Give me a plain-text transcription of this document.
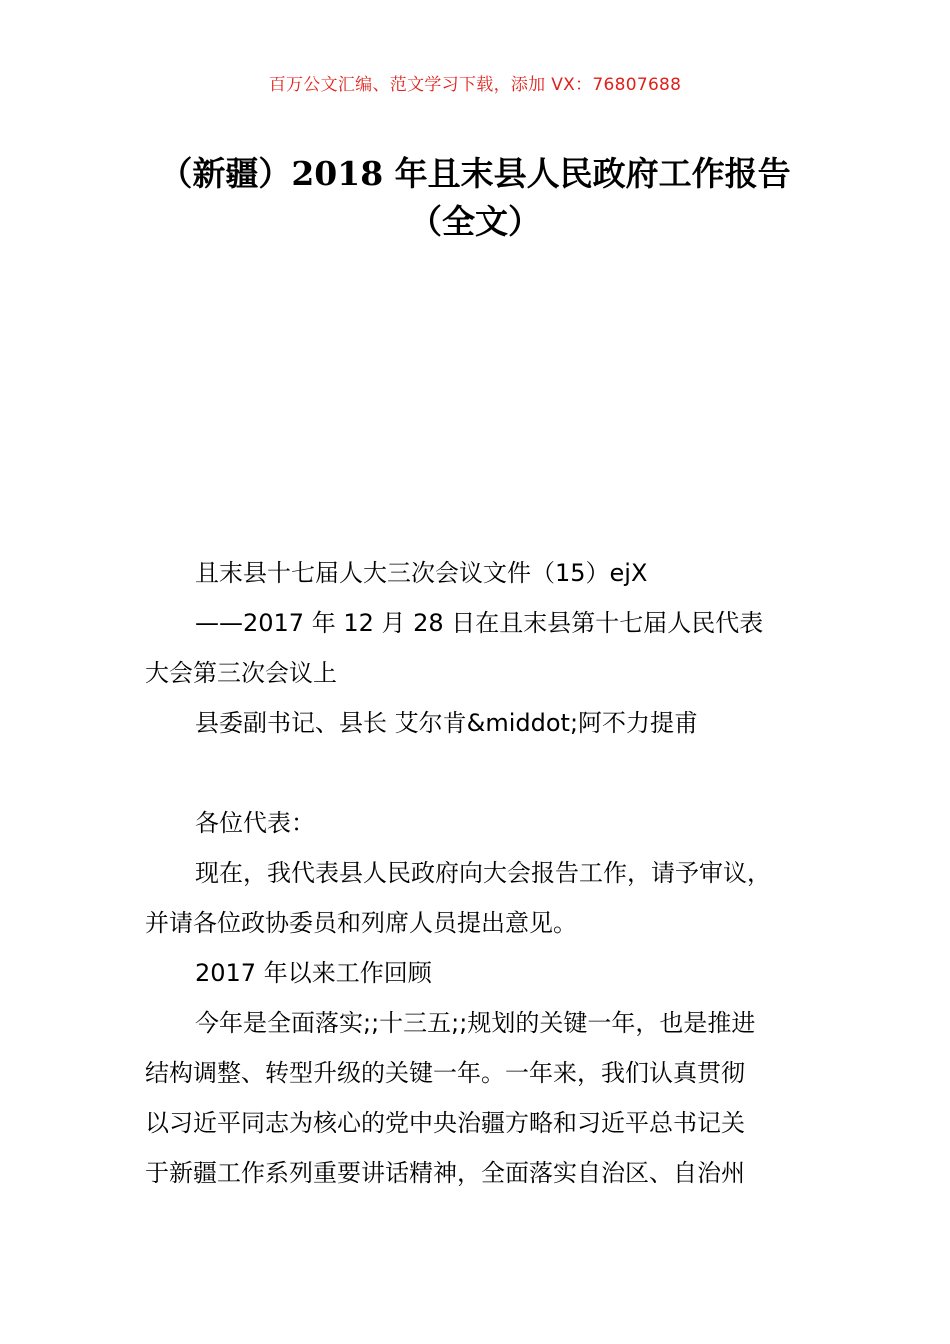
百万公文汇编、范文学习下载，添加 VX：76807688
（新疆）2018 年且末县人民政府工作报告
（全文）
且末县十七届人大三次会议文件（15）ejX
——2017 年 12 月 28 日在且末县第十七届人民代表
大会第三次会议上
县委副书记、县长 艾尔肯&middot;阿不力提甫
各位代表：
现在，我代表县人民政府向大会报告工作，请予审议，
并请各位政协委员和列席人员提出意见。
2017 年以来工作回顾
今年是全面落实;;十三五;;规划的关键一年，也是推进
结构调整、转型升级的关键一年。一年来，我们认真贯彻
以习近平同志为核心的党中央治疆方略和习近平总书记关
于新疆工作系列重要讲话精神，全面落实自治区、自治州
